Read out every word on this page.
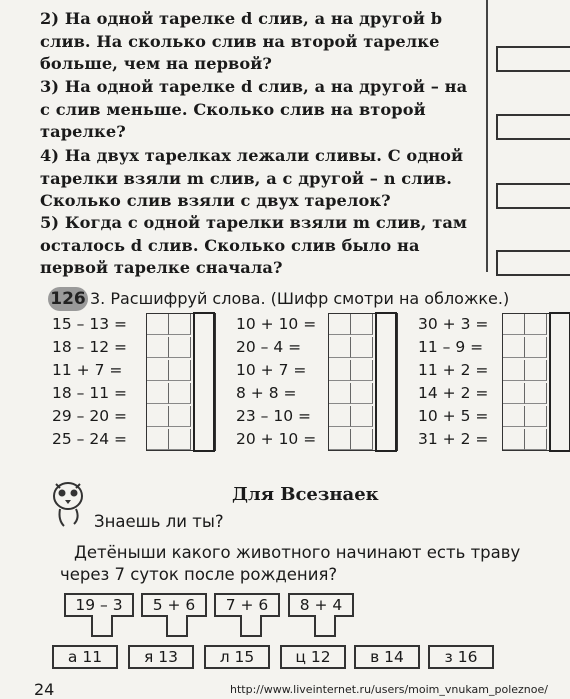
2) На одной тарелке d слив, а на другой b слив. На сколько слив на второй тарелке больше, чем на первой?
3) На одной тарелке d слив, а на другой – на c слив меньше. Сколько слив на второй тарелке?
4) На двух тарелках лежали сливы. С одной тарелки взяли m слив, а с другой – n слив. Сколько слив взяли с двух тарелок?
5) Когда с одной тарелки взяли m слив, там осталось d слив. Сколько слив было на первой тарелке сначала?
126 3. Расшифруй слова. (Шифр смотри на обложке.)
15 – 13 =
18 – 12 =
11 + 7 =
18 – 11 =
29 – 20 =
25 – 24 =
10 + 10 =
20 – 4 =
10 + 7 =
8 + 8 =
23 – 10 =
20 + 10 =
30 + 3 =
11 – 9 =
11 + 2 =
14 + 2 =
10 + 5 =
31 + 2 =
Для Всезнаек
Знаешь ли ты?
Детёныши какого животного начинают есть траву
через 7 суток после рождения?
19 – 3	5 + 6	7 + 6	8 + 4
а 11	я 13	л 15	ц 12	в 14	з 16
24	http://www.liveinternet.ru/users/moim_vnukam_poleznoe/
